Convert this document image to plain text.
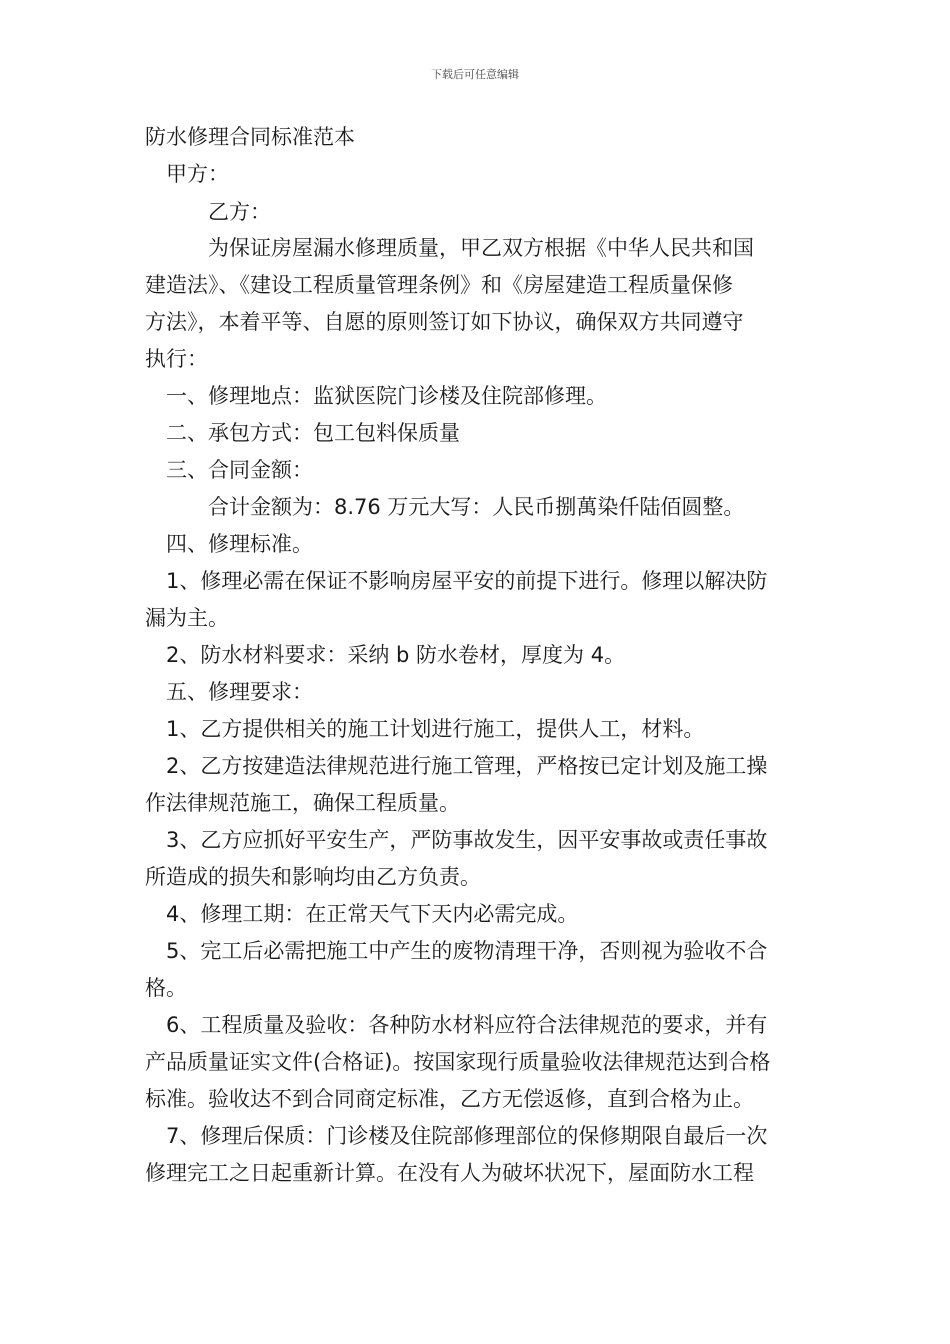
下载后可任意编辑
防水修理合同标准范本
甲方：
乙方：
为保证房屋漏水修理质量，甲乙双方根据《中华人民共和国
建造法》、《建设工程质量管理条例》和《房屋建造工程质量保修
方法》，本着平等、自愿的原则签订如下协议，确保双方共同遵守
执行：
一、修理地点：监狱医院门诊楼及住院部修理。
二、承包方式：包工包料保质量
三、合同金额：
合计金额为：8.76 万元大写：人民币捌萬染仟陆佰圆整。
四、修理标准。
1、修理必需在保证不影响房屋平安的前提下进行。修理以解决防
漏为主。
2、防水材料要求：采纳 b 防水卷材，厚度为 4。
五、修理要求：
1、乙方提供相关的施工计划进行施工，提供人工，材料。
2、乙方按建造法律规范进行施工管理，严格按已定计划及施工操
作法律规范施工，确保工程质量。
3、乙方应抓好平安生产，严防事故发生，因平安事故或责任事故
所造成的损失和影响均由乙方负责。
4、修理工期：在正常天气下天内必需完成。
5、完工后必需把施工中产生的废物清理干净，否则视为验收不合
格。
6、工程质量及验收：各种防水材料应符合法律规范的要求，并有
产品质量证实文件(合格证)。按国家现行质量验收法律规范达到合格
标准。验收达不到合同商定标准，乙方无偿返修，直到合格为止。
7、修理后保质：门诊楼及住院部修理部位的保修期限自最后一次
修理完工之日起重新计算。在没有人为破坏状况下，屋面防水工程
